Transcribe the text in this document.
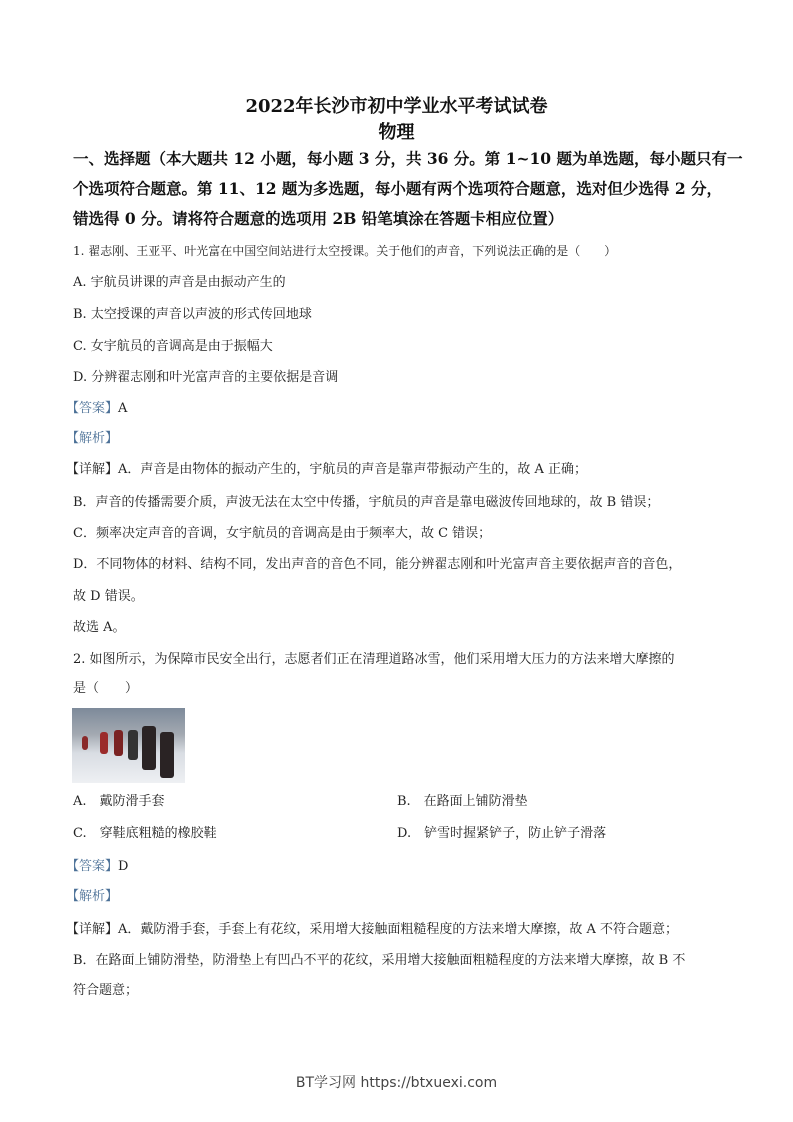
2022年长沙市初中学业水平考试试卷
物理
一、选择题（本大题共 12 小题，每小题 3 分，共 36 分。第 1~10 题为单选题，每小题只有一
个选项符合题意。第 11、12 题为多选题，每小题有两个选项符合题意，选对但少选得 2 分，
错选得 0 分。请将符合题意的选项用 2B 铅笔填涂在答题卡相应位置）
1. 翟志刚、王亚平、叶光富在中国空间站进行太空授课。关于他们的声音，下列说法正确的是（　　）
A. 宇航员讲课的声音是由振动产生的
B. 太空授课的声音以声波的形式传回地球
C. 女宇航员的音调高是由于振幅大
D. 分辨翟志刚和叶光富声音的主要依据是音调
【答案】A
【解析】
【详解】A．声音是由物体的振动产生的，宇航员的声音是靠声带振动产生的，故 A 正确；
B．声音的传播需要介质，声波无法在太空中传播，宇航员的声音是靠电磁波传回地球的，故 B 错误；
C．频率决定声音的音调，女宇航员的音调高是由于频率大，故 C 错误；
D．不同物体的材料、结构不同，发出声音的音色不同，能分辨翟志刚和叶光富声音主要依据声音的音色，
故 D 错误。
故选 A。
2. 如图所示，为保障市民安全出行，志愿者们正在清理道路冰雪，他们采用增大压力的方法来增大摩擦的
是（　　）
A.　戴防滑手套	B.　在路面上铺防滑垫
C.　穿鞋底粗糙的橡胶鞋	D.　铲雪时握紧铲子，防止铲子滑落
【答案】D
【解析】
【详解】A．戴防滑手套，手套上有花纹，采用增大接触面粗糙程度的方法来增大摩擦，故 A 不符合题意；
B．在路面上铺防滑垫，防滑垫上有凹凸不平的花纹，采用增大接触面粗糙程度的方法来增大摩擦，故 B 不
符合题意；
BT学习网 https://btxuexi.com
